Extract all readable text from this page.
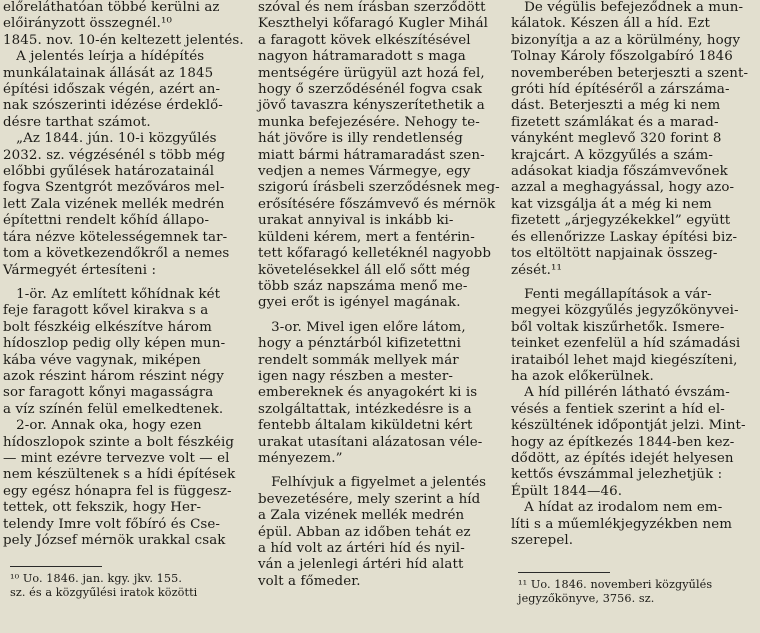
előreláthatóan többé kerülni az

előirányzott összegnél.¹⁰

1845. nov. 10-én keltezett jelentés.

A jelentés leírja a hídépítés

munkálatainak állását az 1845

építési időszak végén, azért an-

nak szószerinti idézése érdeklő-

désre tarthat számot.

„Az 1844. jún. 10-i közgyűlés

2032. sz. végzésénél s több még

előbbi gyűlések határozatainál

fogva Szentgrót mezőváros mel-

lett Zala vizének mellék medrén

építettni rendelt kőhíd állapo-

tára nézve kötelességemnek tar-

tom a következendőkről a nemes

Vármegyét értesíteni :

1-ör. Az említett kőhídnak két

feje faragott kővel kirakva s a

bolt fészkéig elkészítve három

hídoszlop pedig olly képen mun-

kába véve vagynak, miképen

azok részint három részint négy

sor faragott kőnyi magasságra

a víz színén felül emelkedtenek.

2-or. Annak oka, hogy ezen

hídoszlopok szinte a bolt fészkéig

— mint ezévre tervezve volt — el

nem készültenek s a hídi építések

egy egész hónapra fel is függesz-

tettek, ott fekszik, hogy Her-

telendy Imre volt főbíró és Cse-

pely József mérnök urakkal csak

szóval és nem írásban szerződött

Keszthelyi kőfaragó Kugler Mihál

a faragott kövek elkészítésével

nagyon hátramaradott s maga

mentségére ürügyül azt hozá fel,

hogy ő szerződésénél fogva csak

jövő tavaszra kényszerítethetik a

munka befejezésére. Nehogy te-

hát jövőre is illy rendetlenség

miatt bármi hátramaradást szen-

vedjen a nemes Vármegye, egy

szigorú írásbeli szerződésnek meg-

erősítésére főszámvevő és mérnök

urakat annyival is inkább ki-

küldeni kérem, mert a fentérin-

tett kőfaragó kelletéknél nagyobb

követelésekkel áll elő sőtt még

több száz napszáma menő me-

gyei erőt is igényel magának.

3-or. Mivel igen előre látom,

hogy a pénztárból kifizetettni

rendelt sommák mellyek már

igen nagy részben a mester-

embereknek és anyagokért ki is

szolgáltattak, intézkedésre is a

fentebb általam kiküldetni kért

urakat utasítani alázatosan véle-

ményezem.”

Felhívjuk a figyelmet a jelentés

bevezetésére, mely szerint a híd

a Zala vizének mellék medrén

épül. Abban az időben tehát ez

a híd volt az ártéri híd és nyil-

ván a jelenlegi ártéri híd alatt

volt a főmeder.

De végülis befejeződnek a mun-

kálatok. Készen áll a híd. Ezt

bizonyítja a az a körülmény, hogy

Tolnay Károly főszolgabíró 1846

novemberében beterjeszti a szent-

gróti híd építéséről a zárszáma-

dást. Beterjeszti a még ki nem

fizetett számlákat és a marad-

ványként meglevő 320 forint 8

krajcárt. A közgyűlés a szám-

adásokat kiadja főszámvevőnek

azzal a meghagyással, hogy azo-

kat vizsgálja át a még ki nem

fizetett „árjegyzékekkel” együtt

és ellenőrizze Laskay építési biz-

tos eltöltött napjainak összeg-

zését.¹¹

Fenti megállapítások a vár-

megyei közgyűlés jegyzőkönyvei-

ből voltak kiszűrhetők. Ismere-

teinket ezenfelül a híd számadási

irataiból lehet majd kiegészíteni,

ha azok előkerülnek.

A híd pillérén látható évszám-

vésés a fentiek szerint a híd el-

készültének időpontját jelzi. Mint-

hogy az építkezés 1844-ben kez-

dődött, az építés idejét helyesen

kettős évszámmal jelezhetjük :

Épült 1844—46.

A hídat az irodalom nem em-

líti s a műemlékjegyzékben nem

szerepel.

¹⁰ Uo. 1846. jan. kgy. jkv. 155.

sz. és a közgyűlési iratok közötti

¹¹ Uo. 1846. novemberi közgyűlés

jegyzőkönyve, 3756. sz.
